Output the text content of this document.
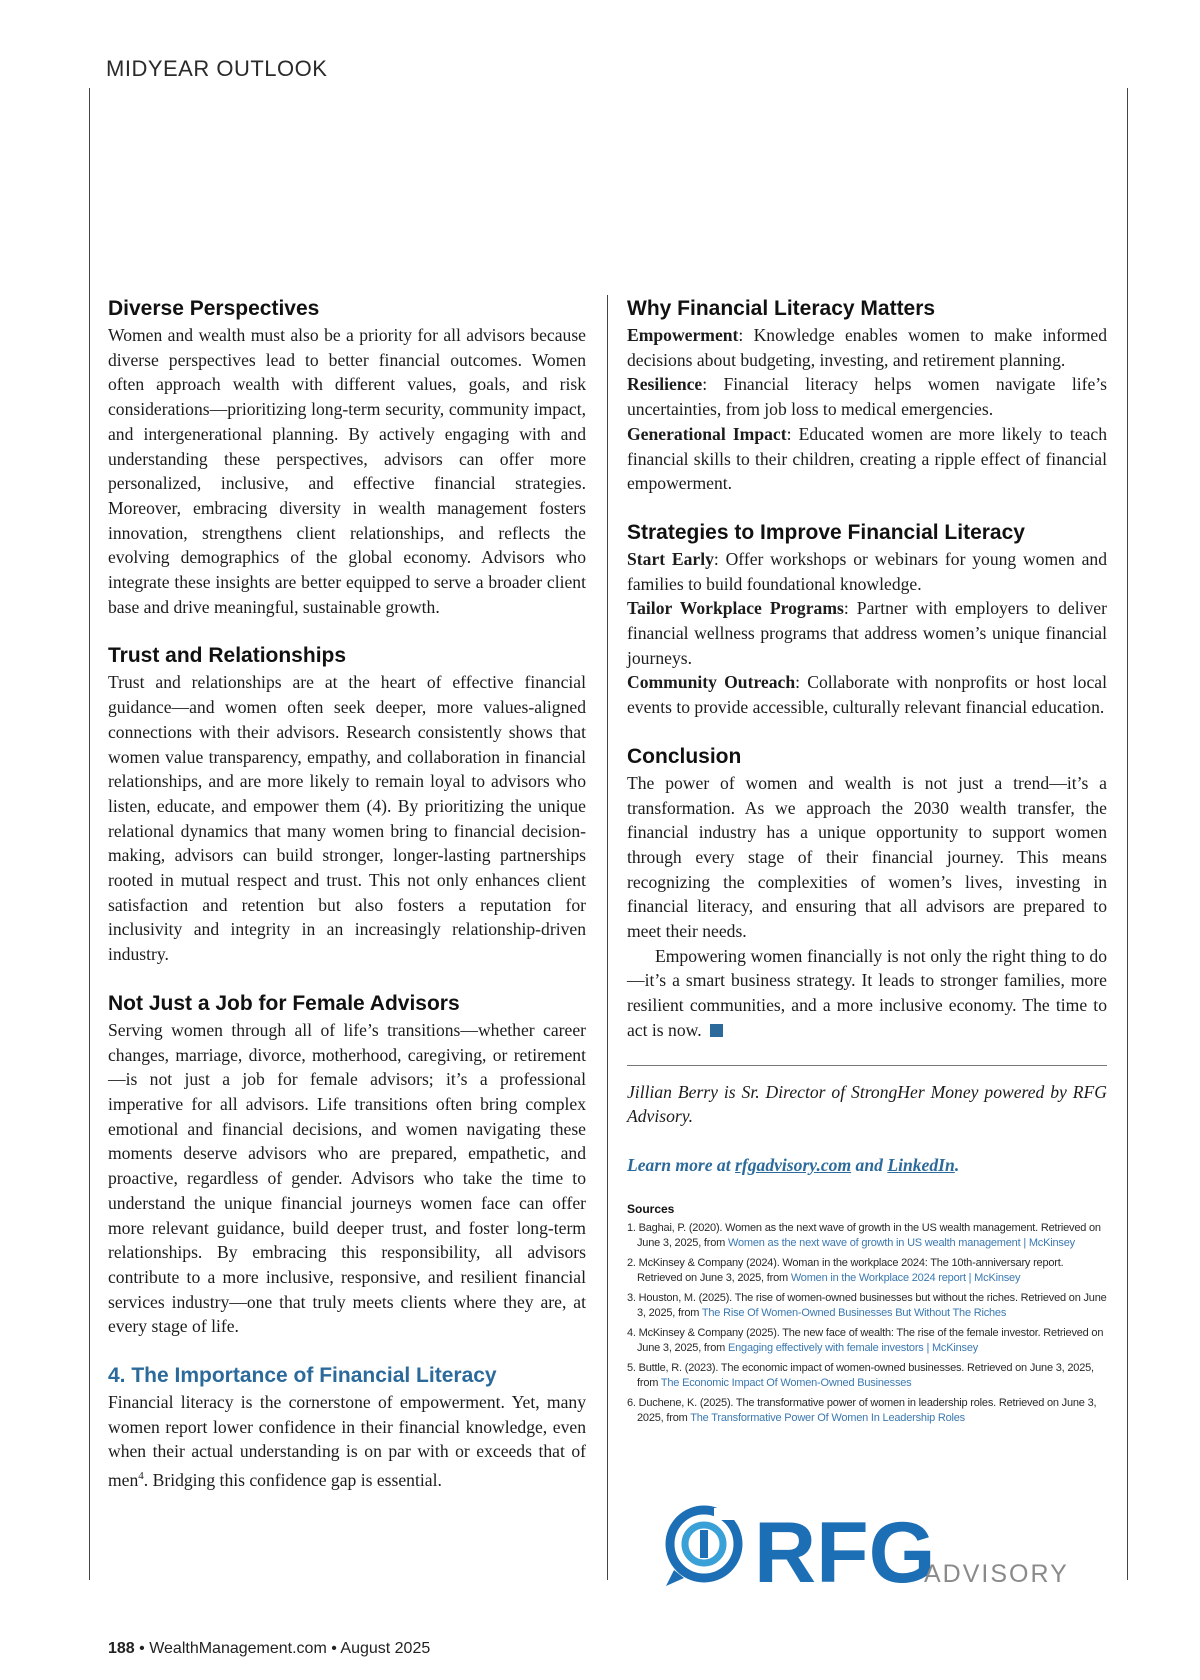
MIDYEAR OUTLOOK
Diverse Perspectives

Women and wealth must also be a priority for all advisors because diverse perspectives lead to better financial outcomes. Women often approach wealth with different values, goals, and risk considerations—prioritizing long-term security, community impact, and intergenerational planning. By actively engaging with and understanding these perspectives, advisors can offer more personalized, inclusive, and effective financial strategies. Moreover, embracing diversity in wealth management fosters innovation, strengthens client relationships, and reflects the evolving demographics of the global economy. Advisors who integrate these insights are better equipped to serve a broader client base and drive meaningful, sustainable growth.

Trust and Relationships

Trust and relationships are at the heart of effective financial guidance—and women often seek deeper, more values-aligned connections with their advisors. Research consistently shows that women value transparency, empathy, and collaboration in financial relationships, and are more likely to remain loyal to advisors who listen, educate, and empower them (4). By prioritizing the unique relational dynamics that many women bring to financial decision-making, advisors can build stronger, longer-lasting partnerships rooted in mutual respect and trust. This not only enhances client satisfaction and retention but also fosters a reputation for inclusivity and integrity in an increasingly relationship-driven industry.

Not Just a Job for Female Advisors

Serving women through all of life’s transitions—whether career changes, marriage, divorce, motherhood, caregiving, or retirement—is not just a job for female advisors; it’s a professional imperative for all advisors. Life transitions often bring complex emotional and financial decisions, and women navigating these moments deserve advisors who are prepared, empathetic, and proactive, regardless of gender. Advisors who take the time to understand the unique financial journeys women face can offer more relevant guidance, build deeper trust, and foster long-term relationships. By embracing this responsibility, all advisors contribute to a more inclusive, responsive, and resilient financial services industry—one that truly meets clients where they are, at every stage of life.

4. The Importance of Financial Literacy

Financial literacy is the cornerstone of empowerment. Yet, many women report lower confidence in their financial knowledge, even when their actual understanding is on par with or exceeds that of men$^4$. Bridging this confidence gap is essential.

Why Financial Literacy Matters

Empowerment: Knowledge enables women to make informed decisions about budgeting, investing, and retirement planning.

Resilience: Financial literacy helps women navigate life’s uncertainties, from job loss to medical emergencies.

Generational Impact: Educated women are more likely to teach financial skills to their children, creating a ripple effect of financial empowerment.

Strategies to Improve Financial Literacy

Start Early: Offer workshops or webinars for young women and families to build foundational knowledge.

Tailor Workplace Programs: Partner with employers to deliver financial wellness programs that address women’s unique financial journeys.

Community Outreach: Collaborate with nonprofits or host local events to provide accessible, culturally relevant financial education.

Conclusion

The power of women and wealth is not just a trend—it’s a transformation. As we approach the 2030 wealth transfer, the financial industry has a unique opportunity to support women through every stage of their financial journey. This means recognizing the complexities of women’s lives, investing in financial literacy, and ensuring that all advisors are prepared to meet their needs.

Empowering women financially is not only the right thing to do—it’s a smart business strategy. It leads to stronger families, more resilient communities, and a more inclusive economy. The time to act is now.

Jillian Berry is Sr. Director of StrongHer Money powered by RFG Advisory.

Learn more at rfgadvisory.com and LinkedIn.

Sources
1. Baghai, P. (2020). Women as the next wave of growth in the US wealth management. Retrieved on June 3, 2025, from Women as the next wave of growth in US wealth management | McKinsey
2. McKinsey & Company (2024). Woman in the workplace 2024: The 10th-anniversary report. Retrieved on June 3, 2025, from Women in the Workplace 2024 report | McKinsey
3. Houston, M. (2025). The rise of women-owned businesses but without the riches. Retrieved on June 3, 2025, from The Rise Of Women-Owned Businesses But Without The Riches
4. McKinsey & Company (2025). The new face of wealth: The rise of the female investor. Retrieved on June 3, 2025, from Engaging effectively with female investors | McKinsey
5. Buttle, R. (2023). The economic impact of women-owned businesses. Retrieved on June 3, 2025, from The Economic Impact Of Women-Owned Businesses
6. Duchene, K. (2025). The transformative power of women in leadership roles. Retrieved on June 3, 2025, from The Transformative Power Of Women In Leadership Roles
RFG
ADVISORY
188 • WealthManagement.com • August 2025
